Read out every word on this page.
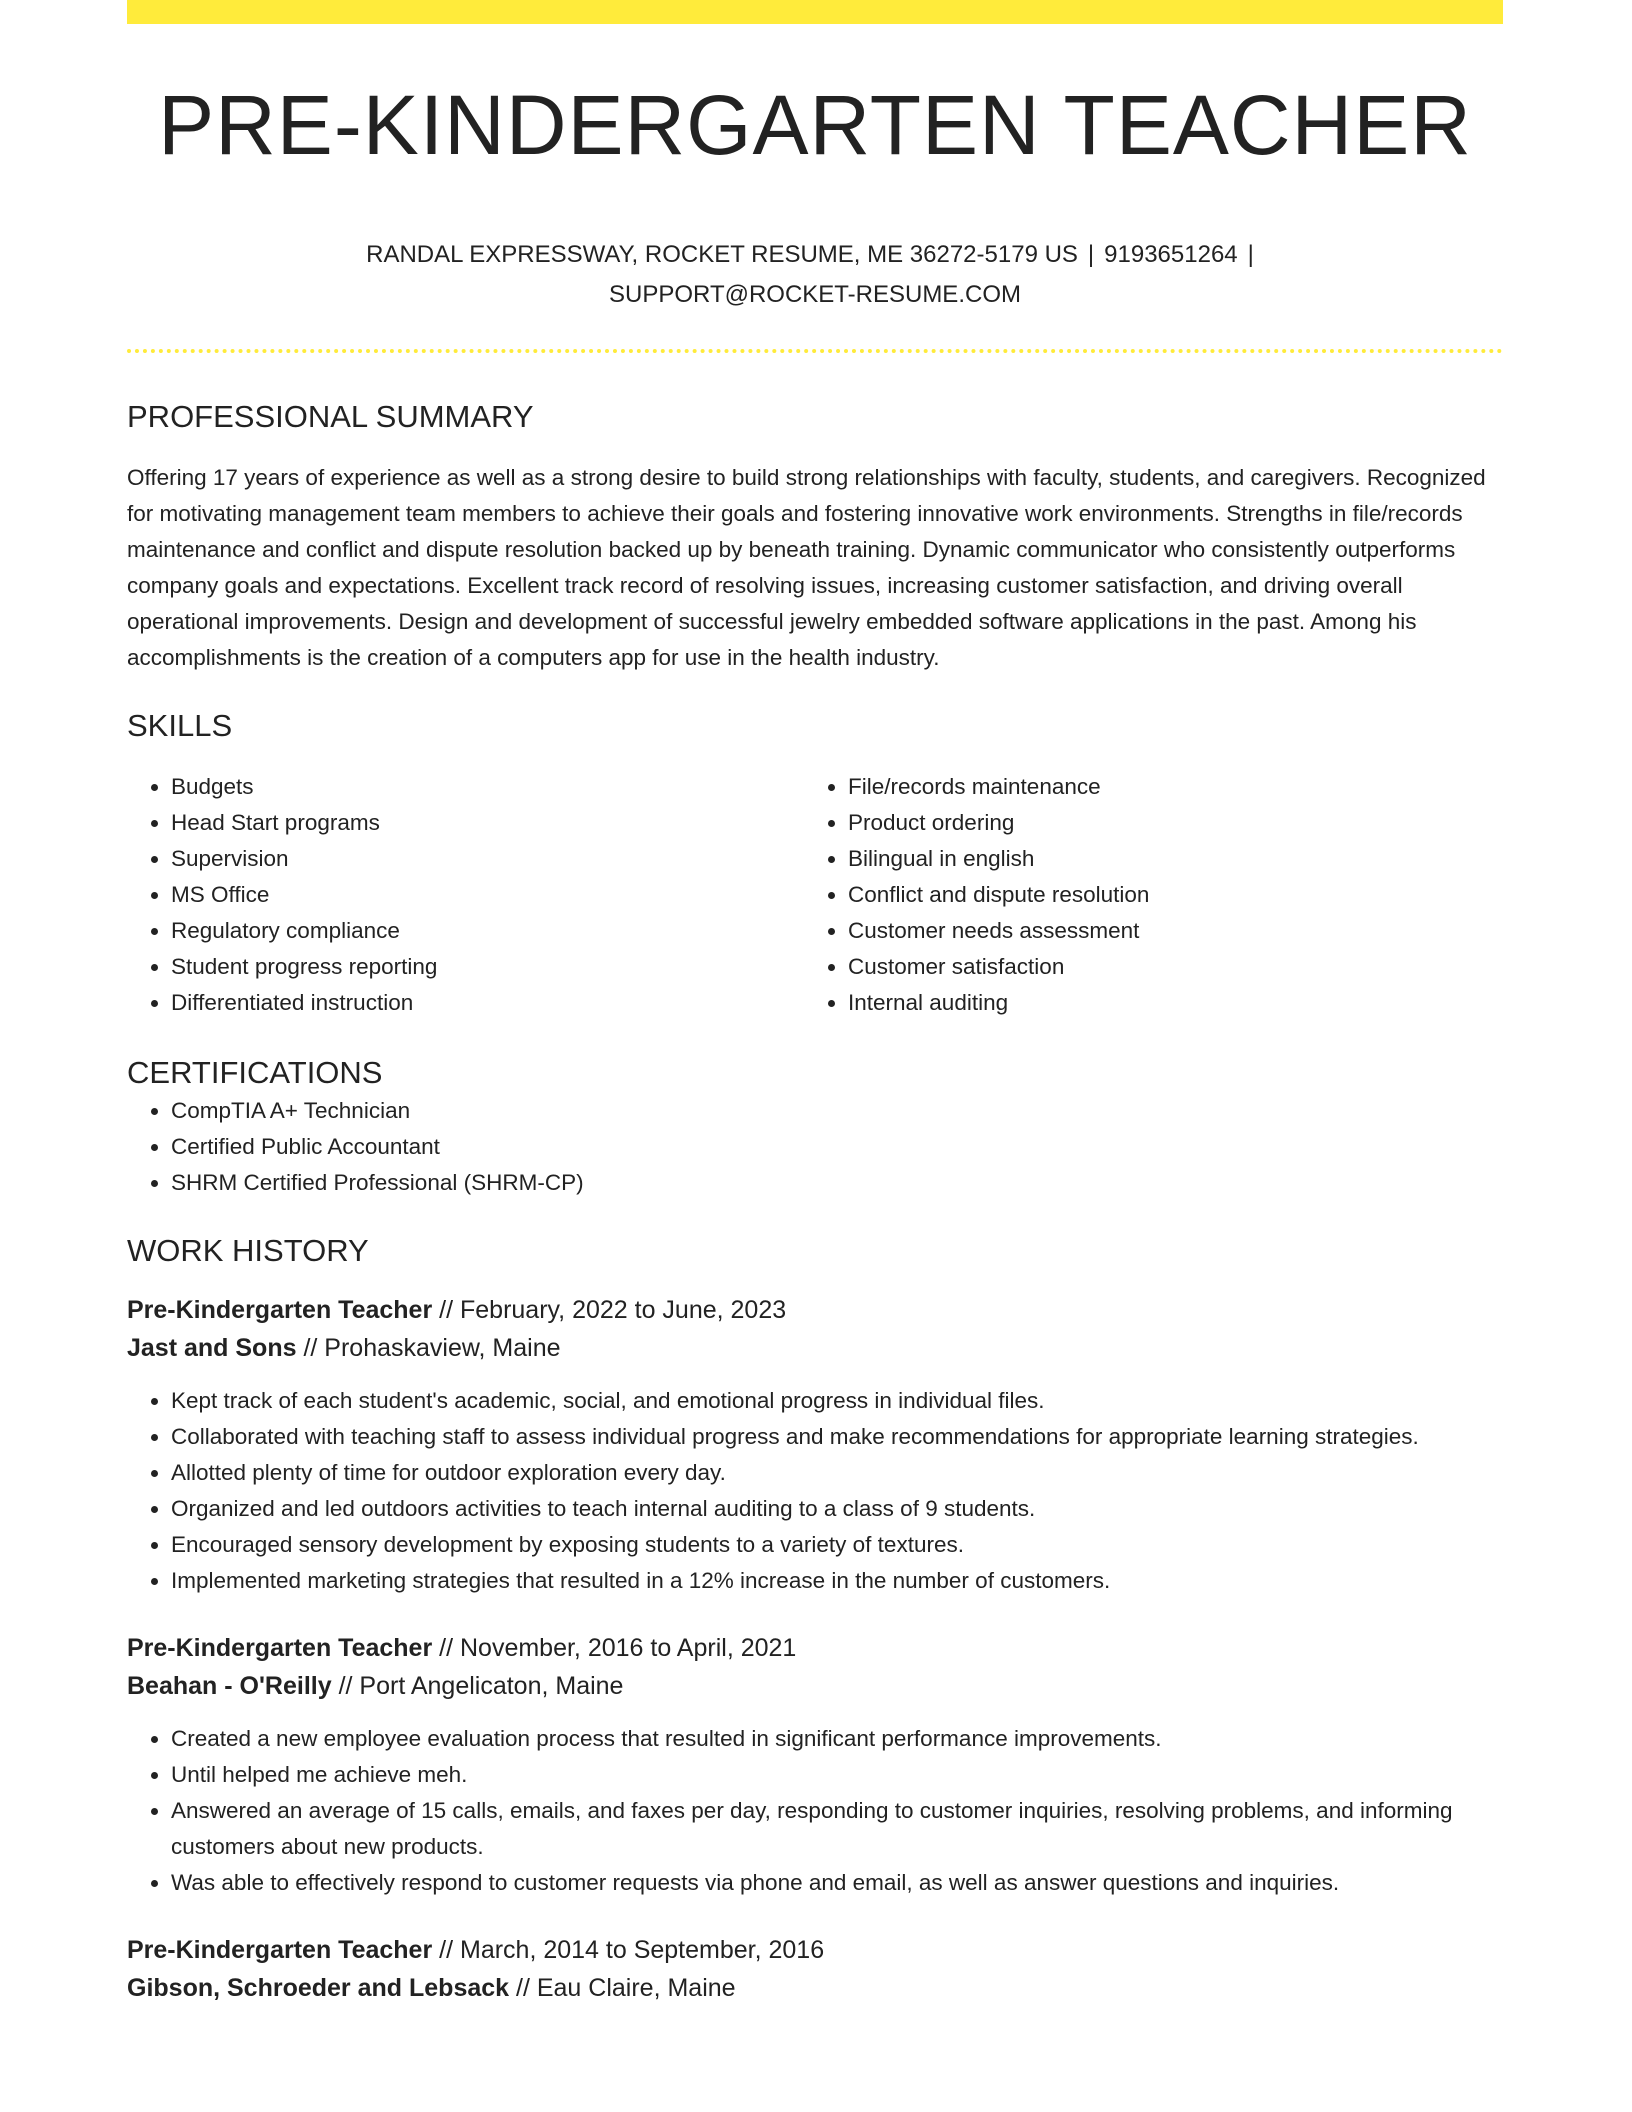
PRE-KINDERGARTEN TEACHER
RANDAL EXPRESSWAY, ROCKET RESUME, ME 36272-5179 US | 9193651264 |
SUPPORT@ROCKET-RESUME.COM
PROFESSIONAL SUMMARY
Offering 17 years of experience as well as a strong desire to build strong relationships with faculty, students, and caregivers. Recognized for motivating management team members to achieve their goals and fostering innovative work environments. Strengths in file/records maintenance and conflict and dispute resolution backed up by beneath training. Dynamic communicator who consistently outperforms company goals and expectations. Excellent track record of resolving issues, increasing customer satisfaction, and driving overall operational improvements. Design and development of successful jewelry embedded software applications in the past. Among his accomplishments is the creation of a computers app for use in the health industry.
SKILLS
• Budgets
• Head Start programs
• Supervision
• MS Office
• Regulatory compliance
• Student progress reporting
• Differentiated instruction
• File/records maintenance
• Product ordering
• Bilingual in english
• Conflict and dispute resolution
• Customer needs assessment
• Customer satisfaction
• Internal auditing
CERTIFICATIONS
• CompTIA A+ Technician
• Certified Public Accountant
• SHRM Certified Professional (SHRM-CP)
WORK HISTORY
Pre-Kindergarten Teacher // February, 2022 to June, 2023
Jast and Sons // Prohaskaview, Maine
• Kept track of each student's academic, social, and emotional progress in individual files.
• Collaborated with teaching staff to assess individual progress and make recommendations for appropriate learning strategies.
• Allotted plenty of time for outdoor exploration every day.
• Organized and led outdoors activities to teach internal auditing to a class of 9 students.
• Encouraged sensory development by exposing students to a variety of textures.
• Implemented marketing strategies that resulted in a 12% increase in the number of customers.
Pre-Kindergarten Teacher // November, 2016 to April, 2021
Beahan - O'Reilly // Port Angelicaton, Maine
• Created a new employee evaluation process that resulted in significant performance improvements.
• Until helped me achieve meh.
• Answered an average of 15 calls, emails, and faxes per day, responding to customer inquiries, resolving problems, and informing customers about new products.
• Was able to effectively respond to customer requests via phone and email, as well as answer questions and inquiries.
Pre-Kindergarten Teacher // March, 2014 to September, 2016
Gibson, Schroeder and Lebsack // Eau Claire, Maine
